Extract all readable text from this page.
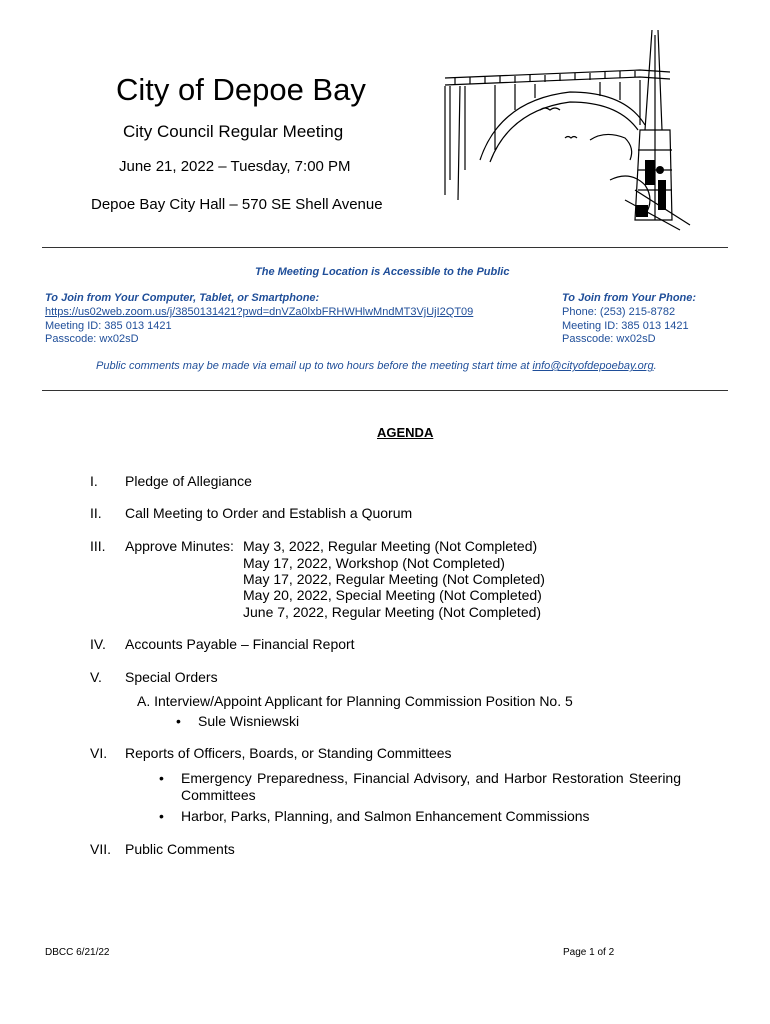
City of Depoe Bay
City Council Regular Meeting
June 21, 2022 – Tuesday, 7:00 PM
Depoe Bay City Hall – 570 SE Shell Avenue
The Meeting Location is Accessible to the Public
To Join from Your Computer, Tablet, or Smartphone:
https://us02web.zoom.us/j/3850131421?pwd=dnVZa0lxbFRHWHlwMndMT3VjUjI2QT09
Meeting ID: 385 013 1421
Passcode: wx02sD
To Join from Your Phone:
Phone: (253) 215-8782
Meeting ID: 385 013 1421
Passcode: wx02sD
Public comments may be made via email up to two hours before the meeting start time at info@cityofdepoebay.org.
AGENDA
I. Pledge of Allegiance
II. Call Meeting to Order and Establish a Quorum
III. Approve Minutes: May 3, 2022, Regular Meeting (Not Completed)
May 17, 2022, Workshop (Not Completed)
May 17, 2022, Regular Meeting (Not Completed)
May 20, 2022, Special Meeting (Not Completed)
June 7, 2022, Regular Meeting (Not Completed)
IV. Accounts Payable – Financial Report
V. Special Orders
A. Interview/Appoint Applicant for Planning Commission Position No. 5
• Sule Wisniewski
VI. Reports of Officers, Boards, or Standing Committees
• Emergency Preparedness, Financial Advisory, and Harbor Restoration Steering
Committees
• Harbor, Parks, Planning, and Salmon Enhancement Commissions
VII. Public Comments
DBCC 6/21/22	Page 1 of 2
